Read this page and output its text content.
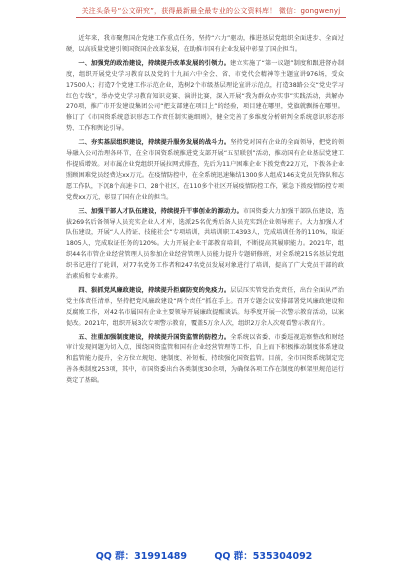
关注头条号“公文研究”，获得最新最全最专业的公文资料库！ 微信：gongwenyj

近年来，我市聚焦国企党建工作重点任务，坚持“六力”驱动，推进基层党组织全面进步、全面过硬，以高质量党建引领国资国企改革发展，在助推市国有企业发展中彰显了国企担当。

一、加强党的政治建设，持续提升改革发展的引领力。建立实施了“第一议题”制度和跟进督办制度，组织开展党史学习教育以及党的十九届六中全会、省、市党代会精神等主题宣讲976场，受众17500人；打造7个党建工作示范企业，选树2个市级基层理论宣讲示范点，打造38路公交“党史学习红色专线”，举办党史学习教育知识竞赛、演讲比赛，深入开展“我为群众办实事”实践活动，共解办270项，推广市开发建设集团公司“把支部建在项目上”的经验，项目建在哪里，党旗就飘扬在哪里。修订了《市国资系统意识形态工作责任制实施细则》，健全完善了多维度分析研判全系统意识形态形势、工作和舆论引导。

二、夯实基层组织建设，持续提升服务发展的战斗力。坚持党对国有企业的全面领导，把党的领导融入公司治理各环节，在全市国资系统推进党支部开展“五星联创”活动，推动国有企业基层党建工作提质增效。对市属企业党组织开展拉网式排查，先后为11户困难企业下拨党费22万元，下拨各企业照顾困难党员经费达xx万元。在疫情防控中，在全系统迅速集结1300多人组成146支党员先锋队和志愿工作队，下沉8个高速卡口、28个社区，在110多个社区开展疫情防控工作，紧急下拨疫情防控专项党费xx万元，彰显了国有企业的担当。

三、加强干部人才队伍建设，持续提升干事创业的源动力。市国资委大力加强干部队伍建设，选拔269名后备领导人员充实企业人才库，选派25名优秀后备人员充实到企业领导班子。大力加强人才队伍建设，开展“人人持证、技能社会”专项培训，共培训职工4393人，完成培训任务的110%，取证1805人，完成取证任务的120%。大力开展企业干部教育培训，不断提高其履职能力。2021年，组织44名市管企业经营管理人员参加企业经营管理人员能力提升专题研修班，对全系统215名基层党组织书记进行了轮训，对77名党务工作者和247名党员发展对象进行了培训，提高了广大党员干部的政治素质和专业素养。

四、狠抓党风廉政建设，持续提升拒腐防变的免疫力。层层压实管党治党责任，出台全面从严治党主体责任清单，坚持把党风廉政建设“两个责任”抓在手上。召开专题会议安排部署党风廉政建设和反腐败工作，对42名市属国有企业主要领导开展廉政提醒谈话。每季度开展一次警示教育活动，以案促改。2021年，组织开展3次专项警示教育，覆盖5万余人次，组织2万余人次观看警示教育片。

五、注重加强制度建设，持续提升国资监管的防控力。全系统以省委、市委巡视巡察整改和财经审计发现问题为切入点，围绕国资监管和国有企业经营管理等工作，自上而下积极推动制度体系建设和监管能力提升，全方位立规矩、建制度、补短板，持续强化国资监管。目前，全市国资系统制定完善各类制度253项，其中，市国资委出台各类制度30余项，为确保各项工作在制度的框架里规范运行奠定了基础。

QQ 群：31991489	QQ 群：535304092
